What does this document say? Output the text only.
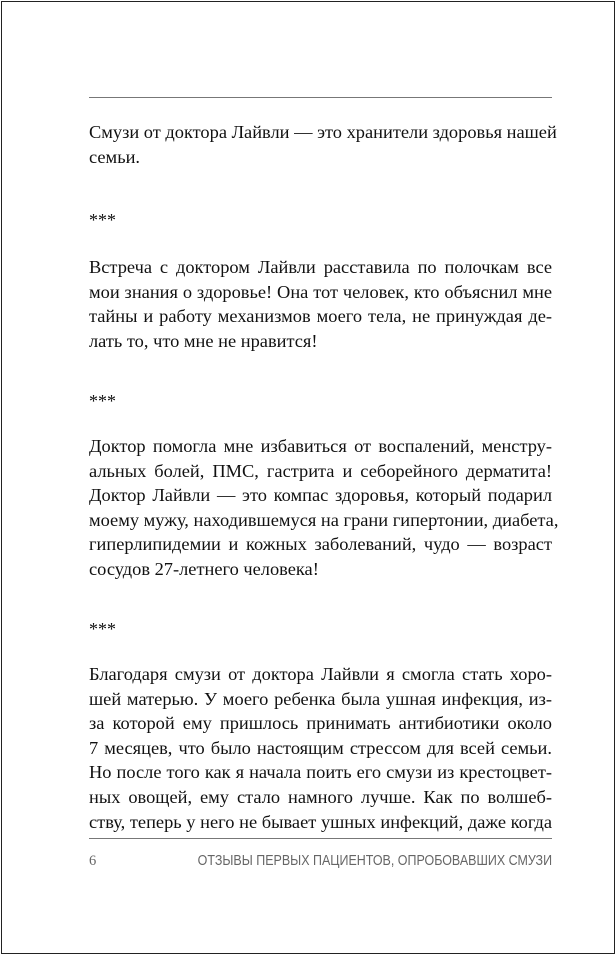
Смузи от доктора Лайвли — это хранители здоровья нашей
семьи.

***

Встреча с доктором Лайвли расставила по полочкам все
мои знания о здоровье! Она тот человек, кто объяснил мне
тайны и работу механизмов моего тела, не принуждая де-
лать то, что мне не нравится!

***

Доктор помогла мне избавиться от воспалений, менстру-
альных болей, ПМС, гастрита и себорейного дерматита!
Доктор Лайвли — это компас здоровья, который подарил
моему мужу, находившемуся на грани гипертонии, диабета,
гиперлипидемии и кожных заболеваний, чудо — возраст
сосудов 27-летнего человека!

***

Благодаря смузи от доктора Лайвли я смогла стать хоро-
шей матерью. У моего ребенка была ушная инфекция, из-
за которой ему пришлось принимать антибиотики около
7 месяцев, что было настоящим стрессом для всей семьи.
Но после того как я начала поить его смузи из крестоцвет-
ных овощей, ему стало намного лучше. Как по волшеб-
ству, теперь у него не бывает ушных инфекций, даже когда

6	ОТЗЫВЫ ПЕРВЫХ ПАЦИЕНТОВ, ОПРОБОВАВШИХ СМУЗИ
